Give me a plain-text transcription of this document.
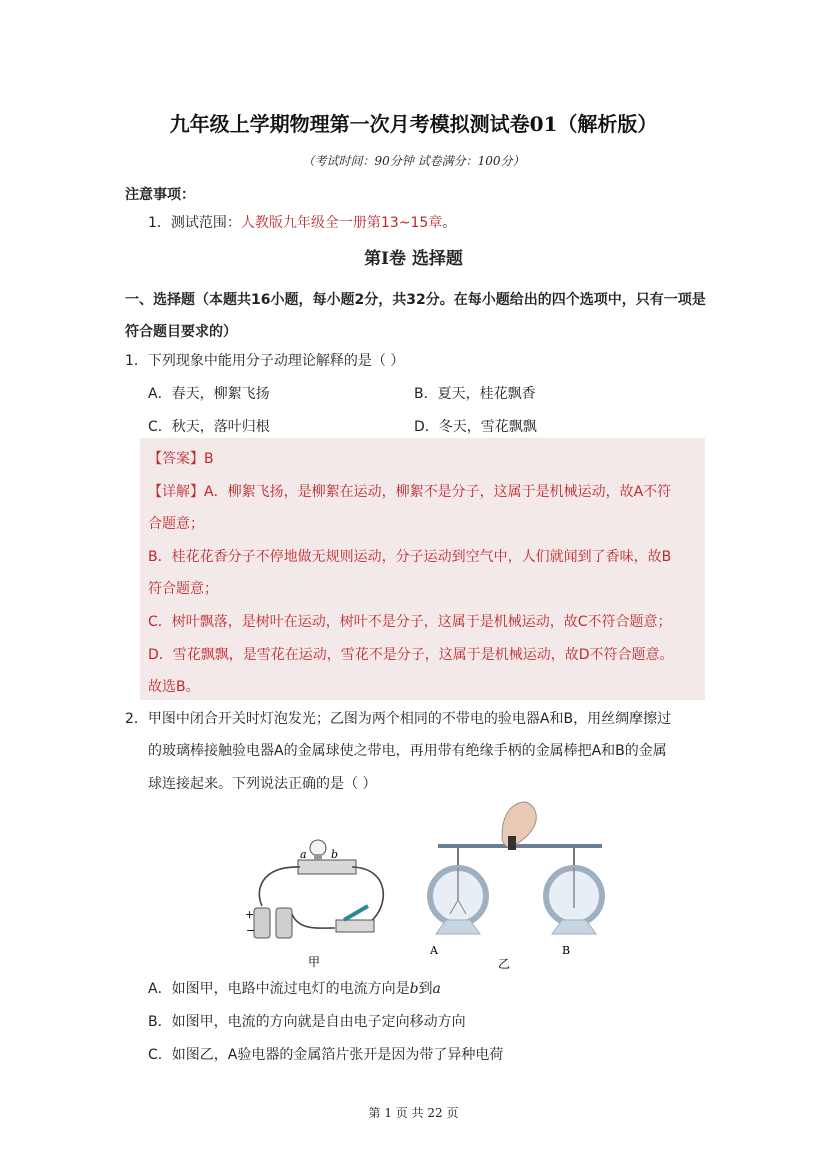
九年级上学期物理第一次月考模拟测试卷01（解析版）
（考试时间：90分钟 试卷满分：100分）
注意事项：
1．测试范围：人教版九年级全一册第13~15章。
第Ⅰ卷 选择题
一、选择题（本题共16小题，每小题2分，共32分。在每小题给出的四个选项中，只有一项是符合题目要求的）
1．下列现象中能用分子动理论解释的是（ ）
A．春天，柳絮飞扬	B．夏天，桂花飘香
C．秋天，落叶归根	D．冬天，雪花飘飘
【答案】B
【详解】A．柳絮飞扬，是柳絮在运动，柳絮不是分子，这属于是机械运动，故A不符
合题意；
B．桂花花香分子不停地做无规则运动，分子运动到空气中，人们就闻到了香味，故B
符合题意；
C．树叶飘落，是树叶在运动，树叶不是分子，这属于是机械运动，故C不符合题意；
D．雪花飘飘，是雪花在运动，雪花不是分子，这属于是机械运动，故D不符合题意。
故选B。
2．甲图中闭合开关时灯泡发光；乙图为两个相同的不带电的验电器A和B，用丝绸摩擦过
的玻璃棒接触验电器A的金属球使之带电，再用带有绝缘手柄的金属棒把A和B的金属
球连接起来。下列说法正确的是（ ）
a b
+
−
甲
A	B
乙
A．如图甲，电路中流过电灯的电流方向是b到a
B．如图甲，电流的方向就是自由电子定向移动方向
C．如图乙，A验电器的金属箔片张开是因为带了异种电荷
第 1 页 共 22 页
